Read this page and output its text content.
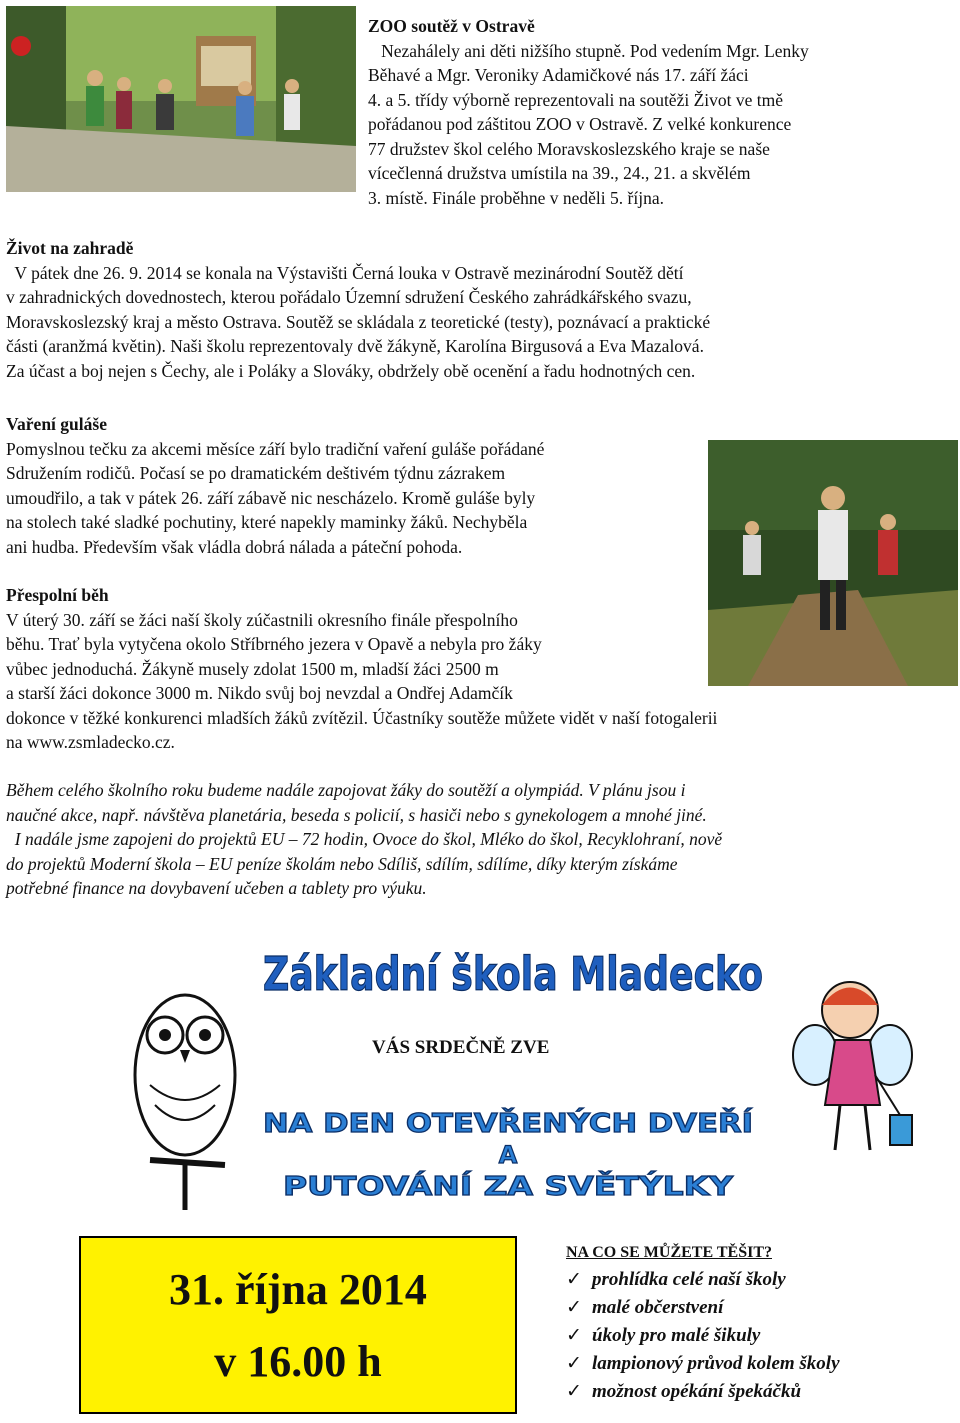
ZOO soutěž v Ostravě

Nezahálely ani děti nižšího stupně. Pod vedením Mgr. Lenky

Běhavé a Mgr. Veroniky Adamičkové nás 17. září žáci

4. a 5. třídy výborně reprezentovali na soutěži Život ve tmě

pořádanou pod záštitou ZOO v Ostravě. Z velké konkurence

77 družstev škol celého Moravskoslezského kraje se naše

vícečlenná družstva umístila na 39., 24., 21. a skvělém

3. místě. Finále proběhne v neděli 5. října.

Život na zahradě

V pátek dne 26. 9. 2014 se konala na Výstavišti Černá louka v Ostravě mezinárodní Soutěž dětí

v zahradnických dovednostech, kterou pořádalo Územní sdružení Českého zahrádkářského svazu,

Moravskoslezský kraj a město Ostrava. Soutěž se skládala z teoretické (testy), poznávací a praktické

části (aranžmá květin). Naši školu reprezentovaly dvě žákyně, Karolína Birgusová a Eva Mazalová.

Za účast a boj nejen s Čechy, ale i Poláky a Slováky, obdržely obě ocenění a řadu hodnotných cen.

Vaření guláše

Pomyslnou tečku za akcemi měsíce září bylo tradiční vaření guláše pořádané

Sdružením rodičů. Počasí se po dramatickém deštivém týdnu zázrakem

umoudřilo, a tak v pátek 26. září zábavě nic nescházelo. Kromě guláše byly

na stolech také sladké pochutiny, které napekly maminky žáků. Nechyběla

ani hudba. Především však vládla dobrá nálada a páteční pohoda.

Přespolní běh

V úterý 30. září se žáci naší školy zúčastnili okresního finále přespolního

běhu. Trať byla vytyčena okolo Stříbrného jezera v Opavě a nebyla pro žáky

vůbec jednoduchá. Žákyně musely zdolat 1500 m, mladší žáci 2500 m

a starší žáci dokonce 3000 m. Nikdo svůj boj nevzdal a Ondřej Adamčík

dokonce v těžké konkurenci mladších žáků zvítězil. Účastníky soutěže můžete vidět v naší fotogalerii

na www.zsmladecko.cz.

Během celého školního roku budeme nadále zapojovat žáky do soutěží a olympiád. V plánu jsou i

naučné akce, např. návštěva planetária, beseda s policií, s hasiči nebo s gynekologem a mnohé jiné.

I nadále jsme zapojeni do projektů EU – 72 hodin, Ovoce do škol, Mléko do škol, Recyklohraní, nově

do projektů Moderní škola – EU peníze školám nebo Sdíliš, sdílím, sdílíme, díky kterým získáme

potřebné finance na dovybavení učeben a tablety pro výuku.

Základní škola Mladecko
VÁS SRDEČNĚ ZVE
NA DEN OTEVŘENÝCH DVEŘÍ
A
PUTOVÁNÍ ZA SVĚTÝLKY
31. října 2014
v 16.00 h
NA CO SE MŮŽETE TĚŠIT?
✓ prohlídka celé naší školy
✓ malé občerstvení
✓ úkoly pro malé šikuly
✓ lampionový průvod kolem školy
✓ možnost opékání špekáčků
